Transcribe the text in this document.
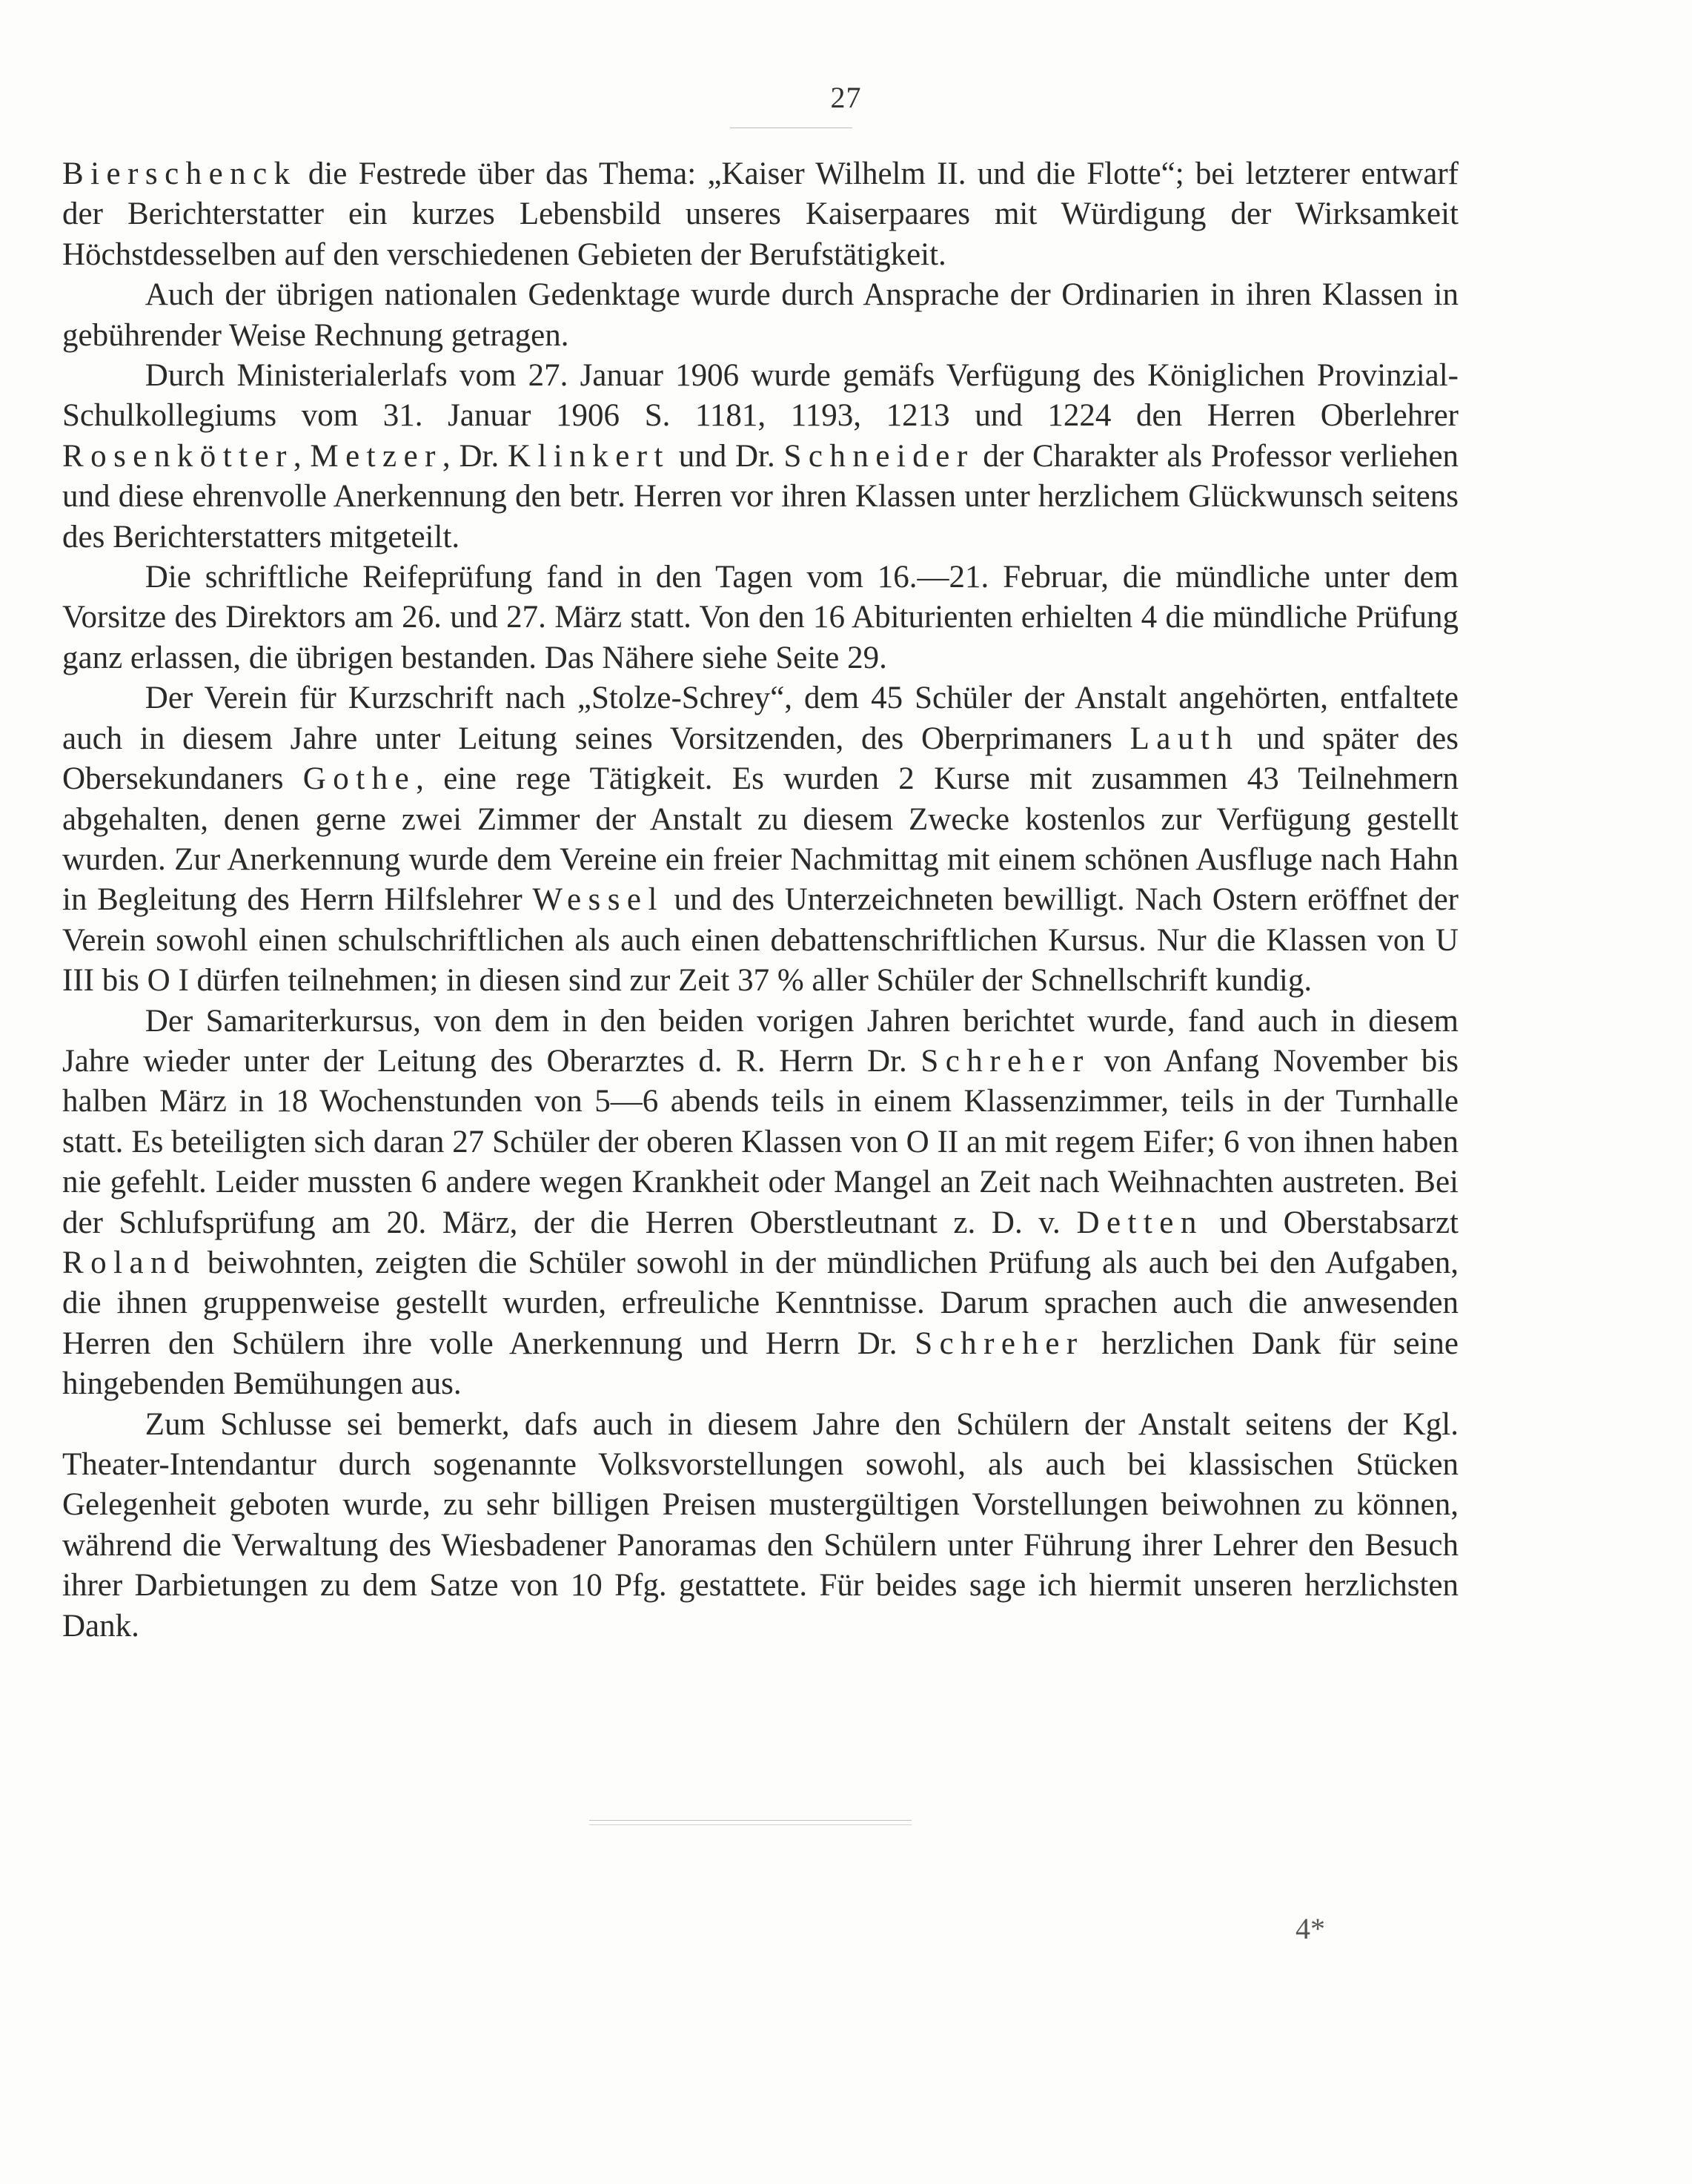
27

Bierschenck die Festrede über das Thema: „Kaiser Wilhelm II. und die Flotte“; bei letzterer entwarf der Berichterstatter ein kurzes Lebensbild unseres Kaiserpaares mit Würdigung der Wirksamkeit Höchstdesselben auf den verschiedenen Gebieten der Berufstätigkeit.

Auch der übrigen nationalen Gedenktage wurde durch Ansprache der Ordinarien in ihren Klassen in gebührender Weise Rechnung getragen.

Durch Ministerialerlafs vom 27. Januar 1906 wurde gemäfs Verfügung des Königlichen Provinzial-Schulkollegiums vom 31. Januar 1906 S. 1181, 1193, 1213 und 1224 den Herren Oberlehrer Rosenkötter, Metzer, Dr. Klinkert und Dr. Schneider der Charakter als Professor verliehen und diese ehrenvolle Anerkennung den betr. Herren vor ihren Klassen unter herzlichem Glückwunsch seitens des Berichterstatters mitgeteilt.

Die schriftliche Reifeprüfung fand in den Tagen vom 16.—21. Februar, die mündliche unter dem Vorsitze des Direktors am 26. und 27. März statt. Von den 16 Abiturienten erhielten 4 die mündliche Prüfung ganz erlassen, die übrigen bestanden. Das Nähere siehe Seite 29.

Der Verein für Kurzschrift nach „Stolze-Schrey“, dem 45 Schüler der Anstalt angehörten, entfaltete auch in diesem Jahre unter Leitung seines Vorsitzenden, des Oberprimaners Lauth und später des Obersekundaners Gothe, eine rege Tätigkeit. Es wurden 2 Kurse mit zusammen 43 Teilnehmern abgehalten, denen gerne zwei Zimmer der Anstalt zu diesem Zwecke kostenlos zur Verfügung gestellt wurden. Zur Anerkennung wurde dem Vereine ein freier Nachmittag mit einem schönen Ausfluge nach Hahn in Begleitung des Herrn Hilfslehrer Wessel und des Unterzeichneten bewilligt. Nach Ostern eröffnet der Verein sowohl einen schulschriftlichen als auch einen debattenschriftlichen Kursus. Nur die Klassen von U III bis O I dürfen teilnehmen; in diesen sind zur Zeit 37 % aller Schüler der Schnellschrift kundig.

Der Samariterkursus, von dem in den beiden vorigen Jahren berichtet wurde, fand auch in diesem Jahre wieder unter der Leitung des Oberarztes d. R. Herrn Dr. Schreher von Anfang November bis halben März in 18 Wochenstunden von 5—6 abends teils in einem Klassenzimmer, teils in der Turnhalle statt. Es beteiligten sich daran 27 Schüler der oberen Klassen von O II an mit regem Eifer; 6 von ihnen haben nie gefehlt. Leider mussten 6 andere wegen Krankheit oder Mangel an Zeit nach Weihnachten austreten. Bei der Schlufsprüfung am 20. März, der die Herren Oberstleutnant z. D. v. Detten und Oberstabsarzt Roland beiwohnten, zeigten die Schüler sowohl in der mündlichen Prüfung als auch bei den Aufgaben, die ihnen gruppenweise gestellt wurden, erfreuliche Kenntnisse. Darum sprachen auch die anwesenden Herren den Schülern ihre volle Anerkennung und Herrn Dr. Schreher herzlichen Dank für seine hingebenden Bemühungen aus.

Zum Schlusse sei bemerkt, dafs auch in diesem Jahre den Schülern der Anstalt seitens der Kgl. Theater-Intendantur durch sogenannte Volksvorstellungen sowohl, als auch bei klassischen Stücken Gelegenheit geboten wurde, zu sehr billigen Preisen mustergültigen Vorstellungen beiwohnen zu können, während die Verwaltung des Wiesbadener Panoramas den Schülern unter Führung ihrer Lehrer den Besuch ihrer Darbietungen zu dem Satze von 10 Pfg. gestattete. Für beides sage ich hiermit unseren herzlichsten Dank.

4*
